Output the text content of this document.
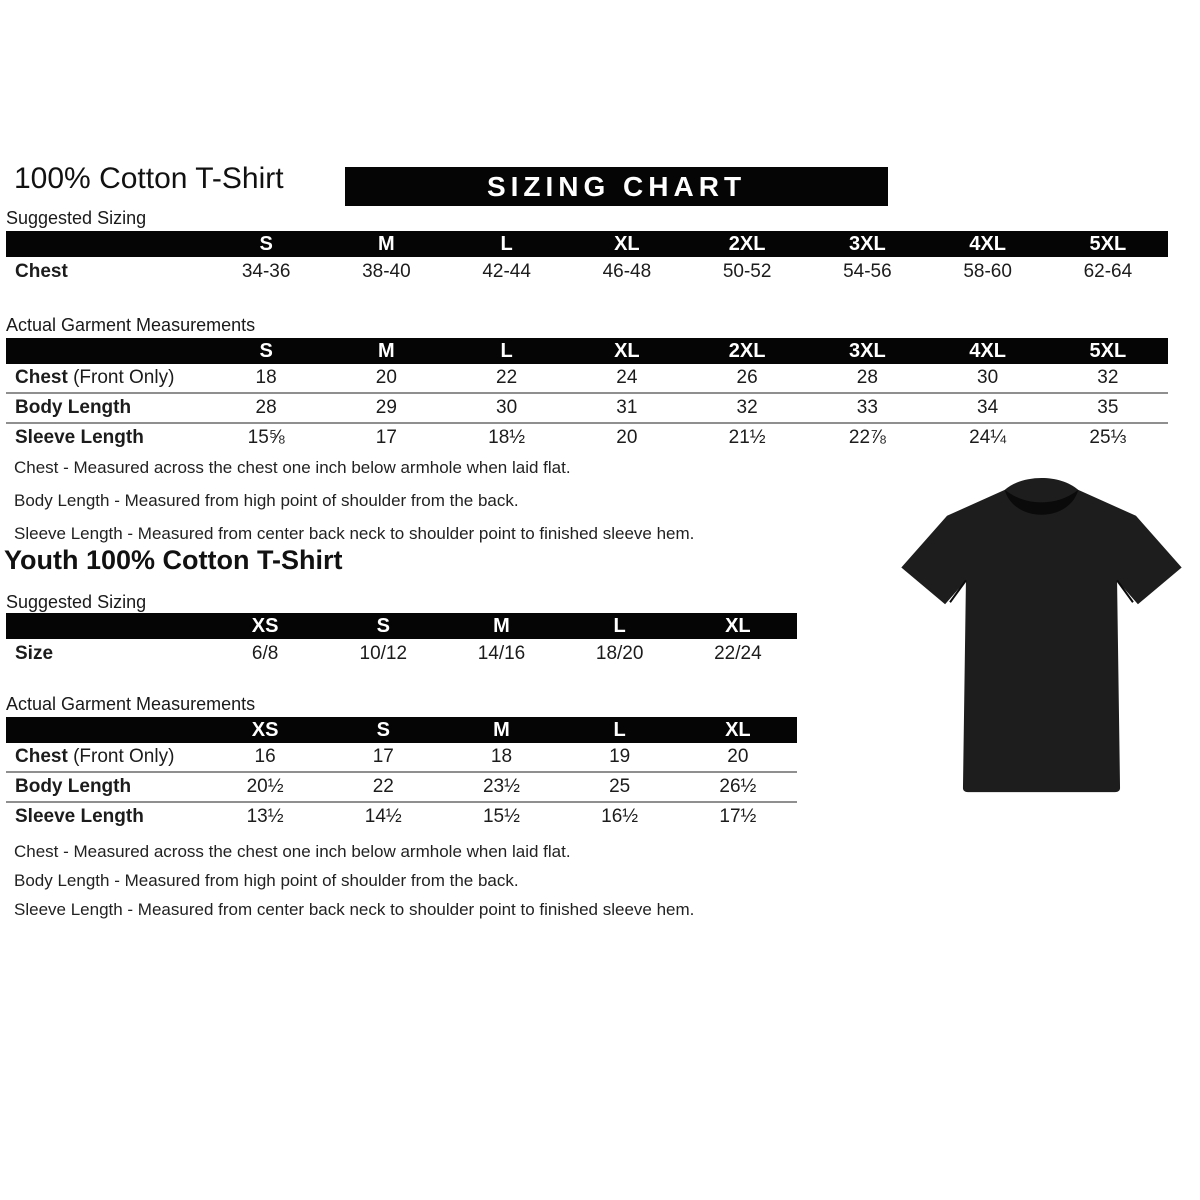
100% Cotton T-Shirt	SIZING CHART
Suggested Sizing
	S	M	L	XL	2XL	3XL	4XL	5XL
Chest	34-36	38-40	42-44	46-48	50-52	54-56	58-60	62-64
Actual Garment Measurements
	S	M	L	XL	2XL	3XL	4XL	5XL
Chest (Front Only)	18	20	22	24	26	28	30	32
Body Length	28	29	30	31	32	33	34	35
Sleeve Length	15⅝	17	18½	20	21½	22⅞	24¼	25⅓
Chest - Measured across the chest one inch below armhole when laid flat.
Body Length - Measured from high point of shoulder from the back.
Sleeve Length - Measured from center back neck to shoulder point to finished sleeve hem.
Youth 100% Cotton T-Shirt
Suggested Sizing
	XS	S	M	L	XL
Size	6/8	10/12	14/16	18/20	22/24
Actual Garment Measurements
	XS	S	M	L	XL
Chest (Front Only)	16	17	18	19	20
Body Length	20½	22	23½	25	26½
Sleeve Length	13½	14½	15½	16½	17½
Chest - Measured across the chest one inch below armhole when laid flat.
Body Length - Measured from high point of shoulder from the back.
Sleeve Length - Measured from center back neck to shoulder point to finished sleeve hem.
